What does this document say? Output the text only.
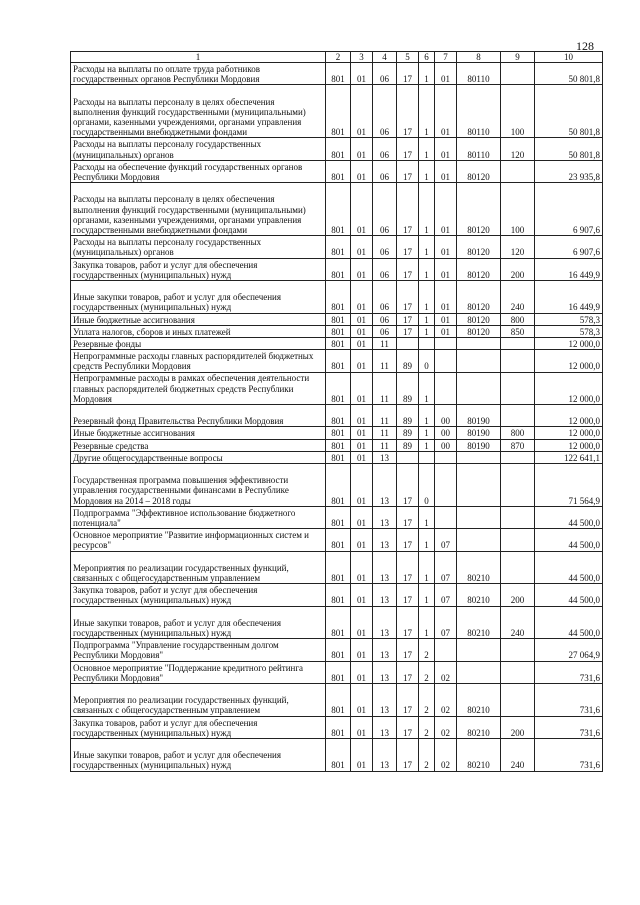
128
1	2	3	4	5	6	7	8	9	10
Расходы на выплаты по оплате труда работников государственных органов Республики Мордовия	801	01	06	17	1	01	80110		50 801,8
Расходы на выплаты персоналу в целях обеспечения выполнения функций государственными (муниципальными) органами, казенными учреждениями, органами управления государственными внебюджетными фондами	801	01	06	17	1	01	80110	100	50 801,8
Расходы на выплаты персоналу государственных (муниципальных) органов	801	01	06	17	1	01	80110	120	50 801,8
Расходы на обеспечение функций государственных органов Республики Мордовия	801	01	06	17	1	01	80120		23 935,8
Расходы на выплаты персоналу в целях обеспечения выполнения функций государственными (муниципальными) органами, казенными учреждениями, органами управления государственными внебюджетными фондами	801	01	06	17	1	01	80120	100	6 907,6
Расходы на выплаты персоналу государственных (муниципальных) органов	801	01	06	17	1	01	80120	120	6 907,6
Закупка товаров, работ и услуг для обеспечения государственных (муниципальных) нужд	801	01	06	17	1	01	80120	200	16 449,9
Иные закупки товаров, работ и услуг для обеспечения государственных (муниципальных) нужд	801	01	06	17	1	01	80120	240	16 449,9
Иные бюджетные ассигнования	801	01	06	17	1	01	80120	800	578,3
Уплата налогов, сборов и иных платежей	801	01	06	17	1	01	80120	850	578,3
Резервные фонды	801	01	11						12 000,0
Непрограммные расходы главных распорядителей бюджетных средств Республики Мордовия	801	01	11	89	0				12 000,0
Непрограммные расходы в рамках обеспечения деятельности главных распорядителей бюджетных средств Республики Мордовия	801	01	11	89	1				12 000,0
Резервный фонд Правительства Республики Мордовия	801	01	11	89	1	00	80190		12 000,0
Иные бюджетные ассигнования	801	01	11	89	1	00	80190	800	12 000,0
Резервные средства	801	01	11	89	1	00	80190	870	12 000,0
Другие общегосударственные вопросы	801	01	13						122 641,1
Государственная программа повышения эффективности управления государственными финансами в Республике Мордовия на 2014 – 2018 годы	801	01	13	17	0				71 564,9
Подпрограмма "Эффективное использование бюджетного потенциала"	801	01	13	17	1				44 500,0
Основное мероприятие "Развитие информационных систем и ресурсов"	801	01	13	17	1	07			44 500,0
Мероприятия по реализации государственных функций, связанных с общегосударственным управлением	801	01	13	17	1	07	80210		44 500,0
Закупка товаров, работ и услуг для обеспечения государственных (муниципальных) нужд	801	01	13	17	1	07	80210	200	44 500,0
Иные закупки товаров, работ и услуг для обеспечения государственных (муниципальных) нужд	801	01	13	17	1	07	80210	240	44 500,0
Подпрограмма "Управление государственным долгом Республики Мордовия"	801	01	13	17	2				27 064,9
Основное мероприятие "Поддержание кредитного рейтинга Республики Мордовия"	801	01	13	17	2	02			731,6
Мероприятия по реализации государственных функций, связанных с общегосударственным управлением	801	01	13	17	2	02	80210		731,6
Закупка товаров, работ и услуг для обеспечения государственных (муниципальных) нужд	801	01	13	17	2	02	80210	200	731,6
Иные закупки товаров, работ и услуг для обеспечения государственных (муниципальных) нужд	801	01	13	17	2	02	80210	240	731,6
